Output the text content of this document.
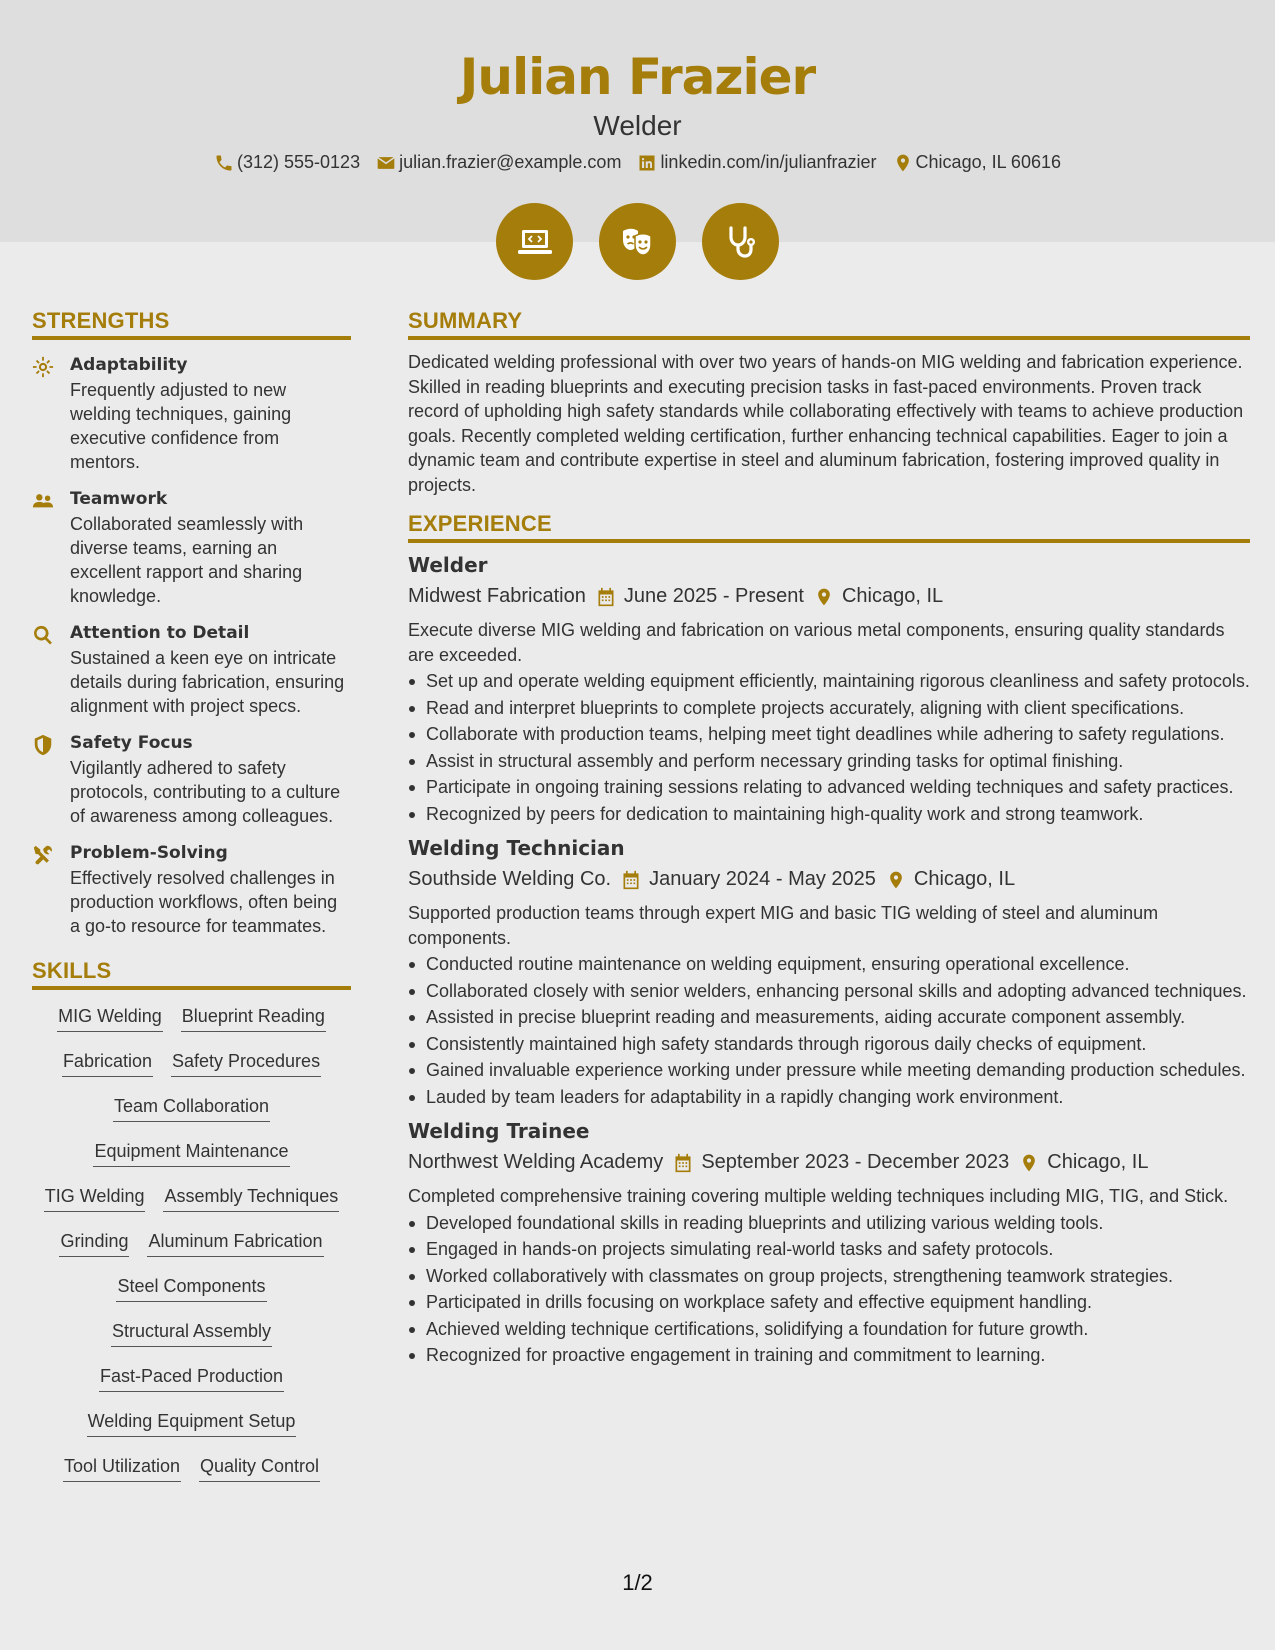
Julian Frazier
Welder
(312) 555-0123 julian.frazier@example.com linkedin.com/in/julianfrazier Chicago, IL 60616
STRENGTHS
Adaptability
Frequently adjusted to new welding techniques, gaining executive confidence from mentors.
Teamwork
Collaborated seamlessly with diverse teams, earning an excellent rapport and sharing knowledge.
Attention to Detail
Sustained a keen eye on intricate details during fabrication, ensuring alignment with project specs.
Safety Focus
Vigilantly adhered to safety protocols, contributing to a culture of awareness among colleagues.
Problem-Solving
Effectively resolved challenges in production workflows, often being a go-to resource for teammates.
SKILLS
MIG Welding Blueprint Reading
Fabrication Safety Procedures
Team Collaboration
Equipment Maintenance
TIG Welding Assembly Techniques
Grinding Aluminum Fabrication
Steel Components
Structural Assembly
Fast-Paced Production
Welding Equipment Setup
Tool Utilization Quality Control
SUMMARY
Dedicated welding professional with over two years of hands-on MIG welding and fabrication experience. Skilled in reading blueprints and executing precision tasks in fast-paced environments. Proven track record of upholding high safety standards while collaborating effectively with teams to achieve production goals. Recently completed welding certification, further enhancing technical capabilities. Eager to join a dynamic team and contribute expertise in steel and aluminum fabrication, fostering improved quality in projects.
EXPERIENCE
Welder
Midwest Fabrication June 2025 - Present Chicago, IL
Execute diverse MIG welding and fabrication on various metal components, ensuring quality standards are exceeded.
Set up and operate welding equipment efficiently, maintaining rigorous cleanliness and safety protocols.
Read and interpret blueprints to complete projects accurately, aligning with client specifications.
Collaborate with production teams, helping meet tight deadlines while adhering to safety regulations.
Assist in structural assembly and perform necessary grinding tasks for optimal finishing.
Participate in ongoing training sessions relating to advanced welding techniques and safety practices.
Recognized by peers for dedication to maintaining high-quality work and strong teamwork.
Welding Technician
Southside Welding Co. January 2024 - May 2025 Chicago, IL
Supported production teams through expert MIG and basic TIG welding of steel and aluminum components.
Conducted routine maintenance on welding equipment, ensuring operational excellence.
Collaborated closely with senior welders, enhancing personal skills and adopting advanced techniques.
Assisted in precise blueprint reading and measurements, aiding accurate component assembly.
Consistently maintained high safety standards through rigorous daily checks of equipment.
Gained invaluable experience working under pressure while meeting demanding production schedules.
Lauded by team leaders for adaptability in a rapidly changing work environment.
Welding Trainee
Northwest Welding Academy September 2023 - December 2023 Chicago, IL
Completed comprehensive training covering multiple welding techniques including MIG, TIG, and Stick.
Developed foundational skills in reading blueprints and utilizing various welding tools.
Engaged in hands-on projects simulating real-world tasks and safety protocols.
Worked collaboratively with classmates on group projects, strengthening teamwork strategies.
Participated in drills focusing on workplace safety and effective equipment handling.
Achieved welding technique certifications, solidifying a foundation for future growth.
Recognized for proactive engagement in training and commitment to learning.
1/2
